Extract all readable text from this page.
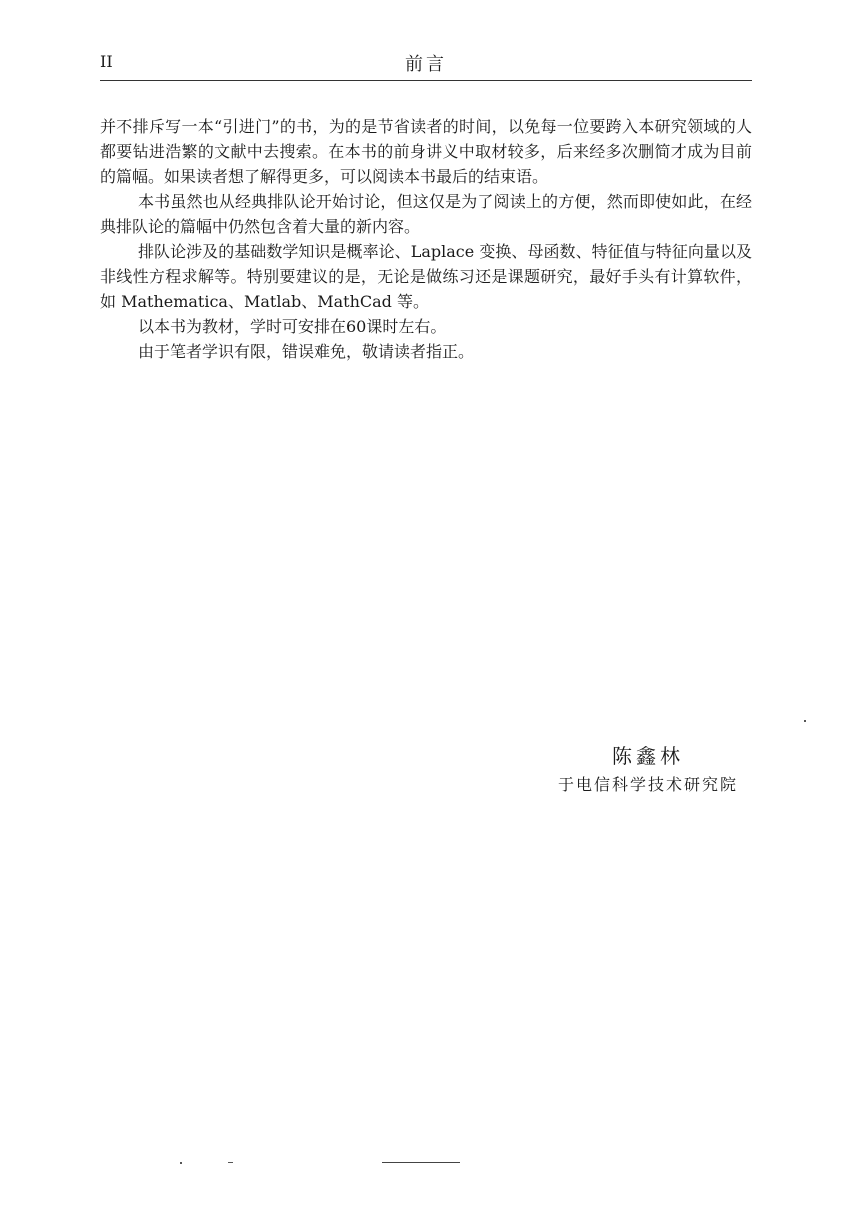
II	前言

并不排斥写一本“引进门”的书，为的是节省读者的时间，以免每一位要跨入本研究领域的人都要钻进浩繁的文献中去搜索。在本书的前身讲义中取材较多，后来经多次删简才成为目前的篇幅。如果读者想了解得更多，可以阅读本书最后的结束语。

本书虽然也从经典排队论开始讨论，但这仅是为了阅读上的方便，然而即使如此，在经典排队论的篇幅中仍然包含着大量的新内容。

排队论涉及的基础数学知识是概率论、Laplace 变换、母函数、特征值与特征向量以及非线性方程求解等。特别要建议的是，无论是做练习还是课题研究，最好手头有计算软件，如 Mathematica、Matlab、MathCad 等。

以本书为教材，学时可安排在60课时左右。

由于笔者学识有限，错误难免，敬请读者指正。

陈鑫林
于电信科学技术研究院
